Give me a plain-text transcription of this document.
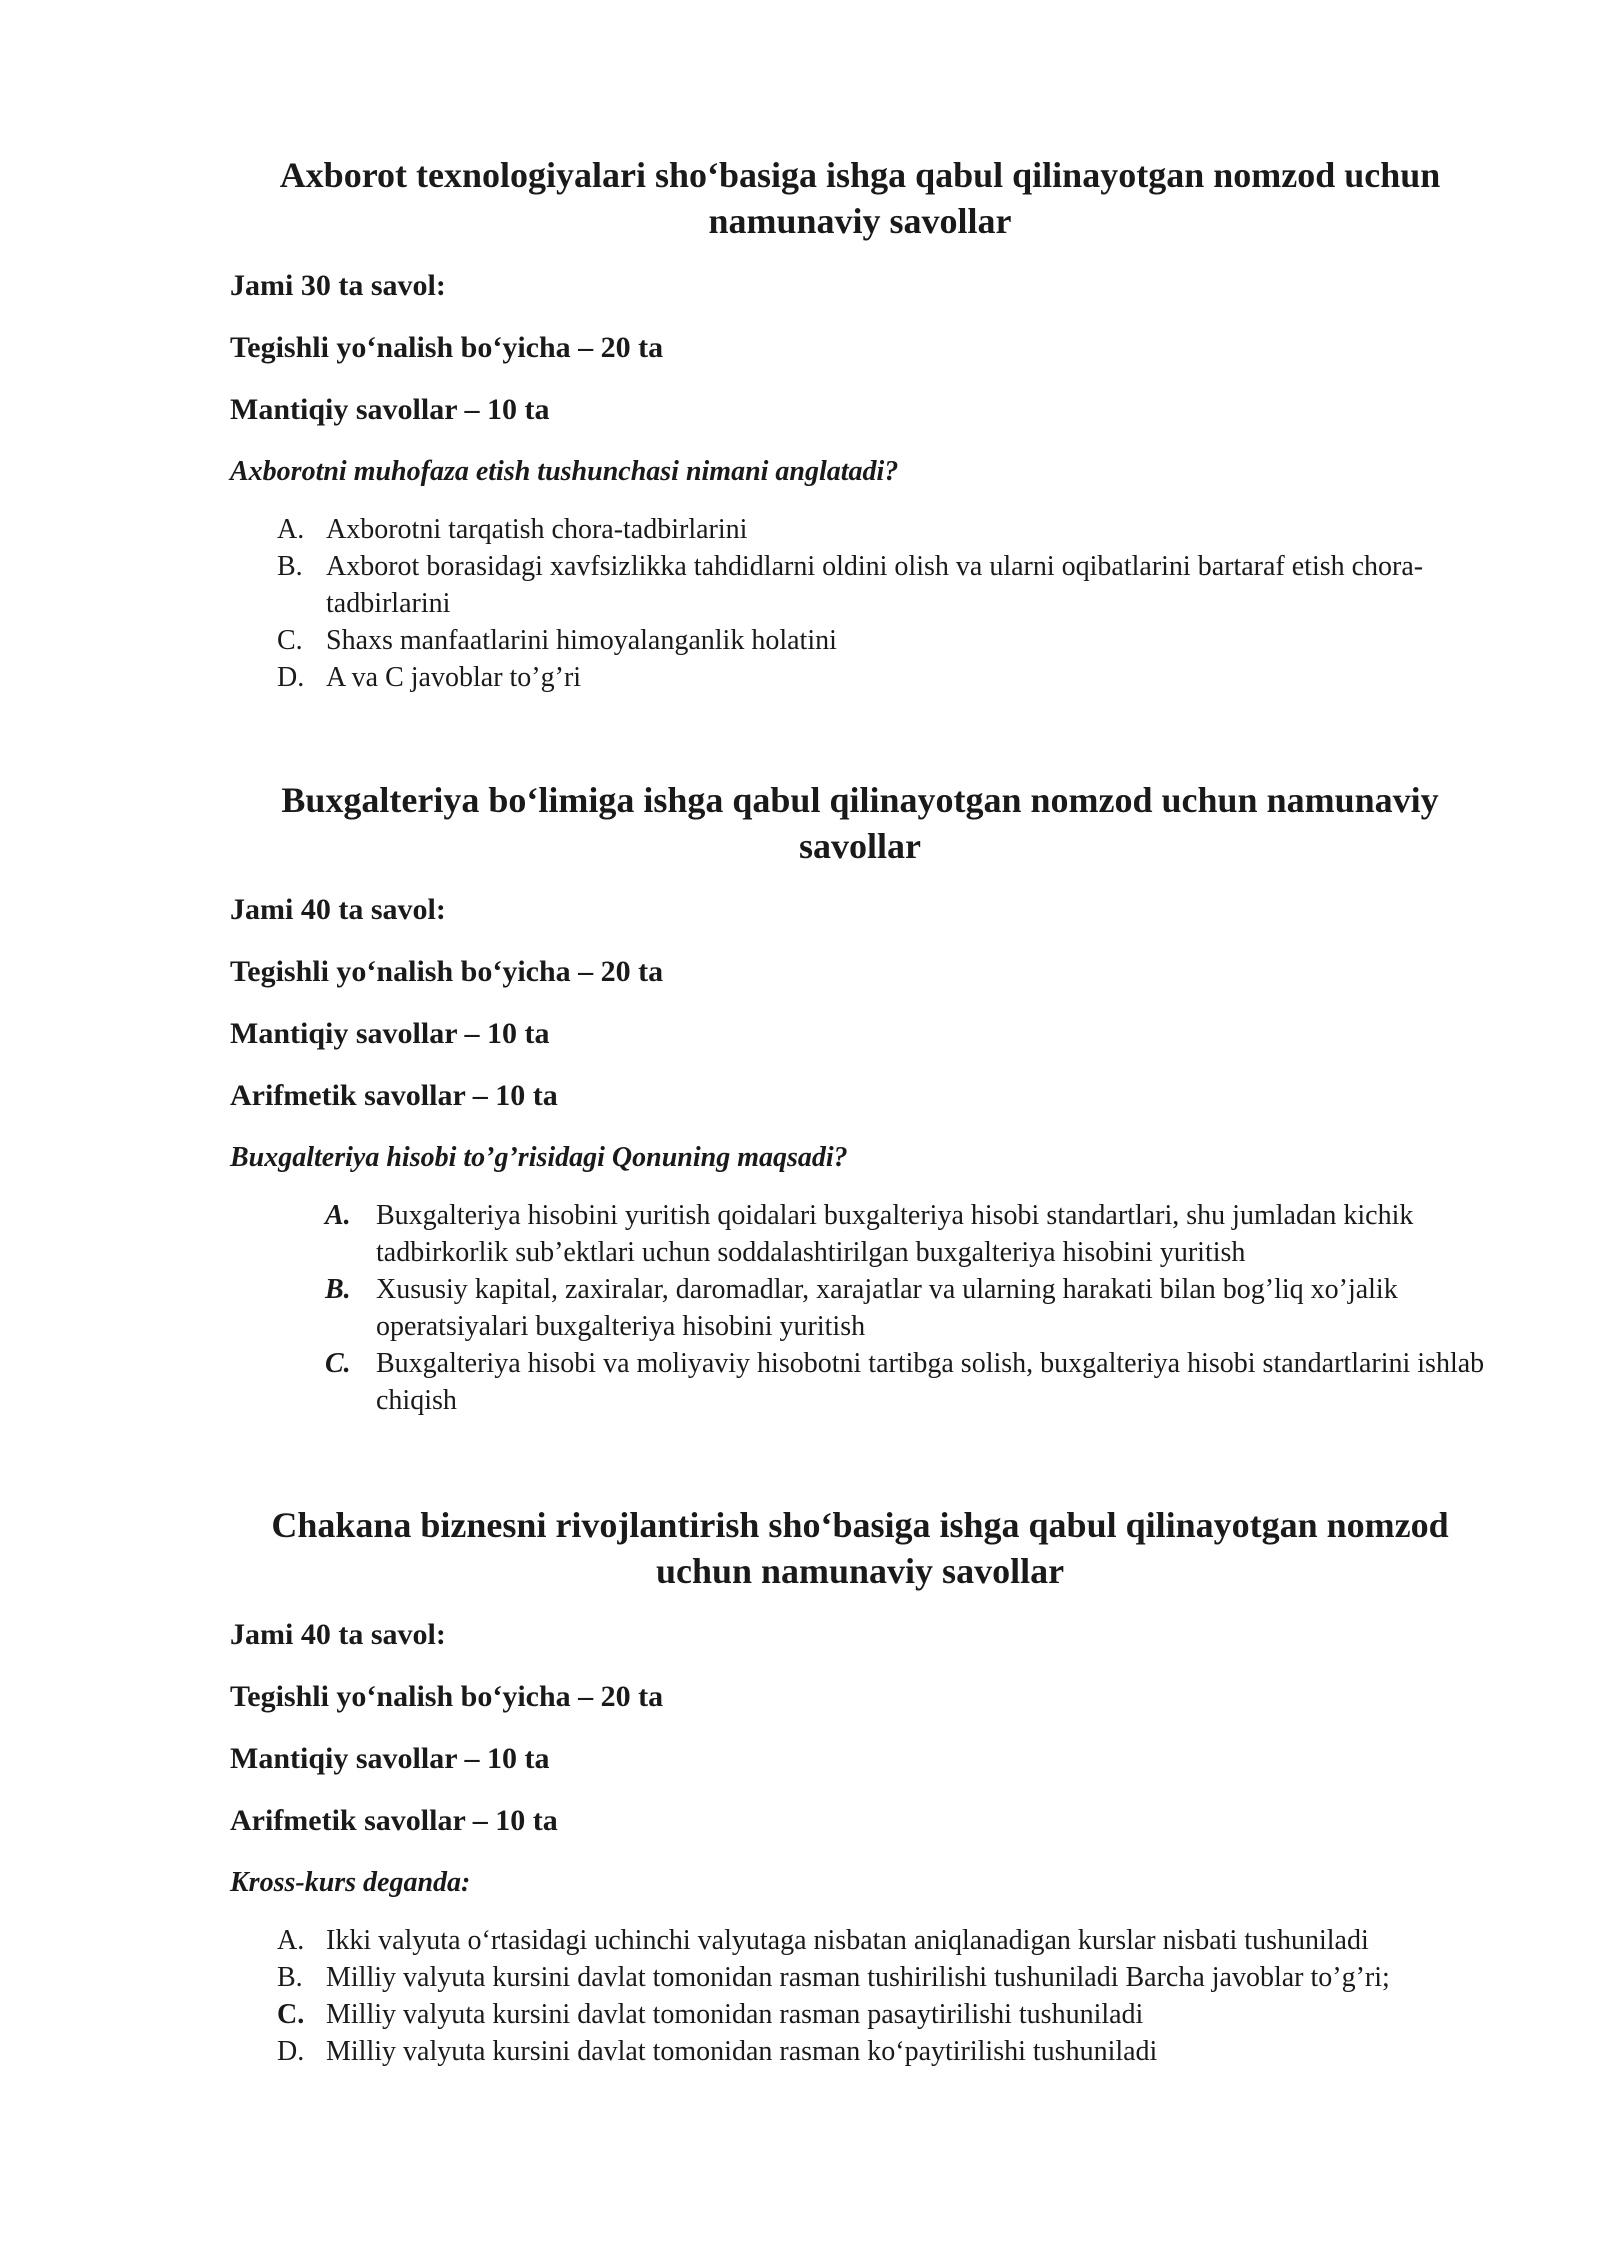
Axborot texnologiyalari sho‘basiga ishga qabul qilinayotgan nomzod uchun namunaviy savollar
Jami 30 ta savol:
Tegishli yo‘nalish bo‘yicha – 20 ta
Mantiqiy savollar – 10 ta
Axborotni muhofaza etish tushunchasi nimani anglatadi?
A. Axborotni tarqatish chora-tadbirlarini
B. Axborot borasidagi xavfsizlikka tahdidlarni oldini olish va ularni oqibatlarini bartaraf etish chora-tadbirlarini
C. Shaxs manfaatlarini himoyalanganlik holatini
D. A va C javoblar to’g’ri
Buxgalteriya bo‘limiga ishga qabul qilinayotgan nomzod uchun namunaviy savollar
Jami 40 ta savol:
Tegishli yo‘nalish bo‘yicha – 20 ta
Mantiqiy savollar – 10 ta
Arifmetik savollar – 10 ta
Buxgalteriya hisobi to’g’risidagi Qonuning maqsadi?
A. Buxgalteriya hisobini yuritish qoidalari buxgalteriya hisobi standartlari, shu jumladan kichik tadbirkorlik sub’ektlari uchun soddalashtirilgan buxgalteriya hisobini yuritish
B. Xususiy kapital, zaxiralar, daromadlar, xarajatlar va ularning harakati bilan bog’liq xo’jalik operatsiyalari buxgalteriya hisobini yuritish
C. Buxgalteriya hisobi va moliyaviy hisobotni tartibga solish, buxgalteriya hisobi standartlarini ishlab chiqish
Chakana biznesni rivojlantirish sho‘basiga ishga qabul qilinayotgan nomzod uchun namunaviy savollar
Jami 40 ta savol:
Tegishli yo‘nalish bo‘yicha – 20 ta
Mantiqiy savollar – 10 ta
Arifmetik savollar – 10 ta
Kross-kurs deganda:
A. Ikki valyuta o‘rtasidagi uchinchi valyutaga nisbatan aniqlanadigan kurslar nisbati tushuniladi
B. Milliy valyuta kursini davlat tomonidan rasman tushirilishi tushuniladi Barcha javoblar to’g’ri;
C. Milliy valyuta kursini davlat tomonidan rasman pasaytirilishi tushuniladi
D. Milliy valyuta kursini davlat tomonidan rasman ko‘paytirilishi tushuniladi
